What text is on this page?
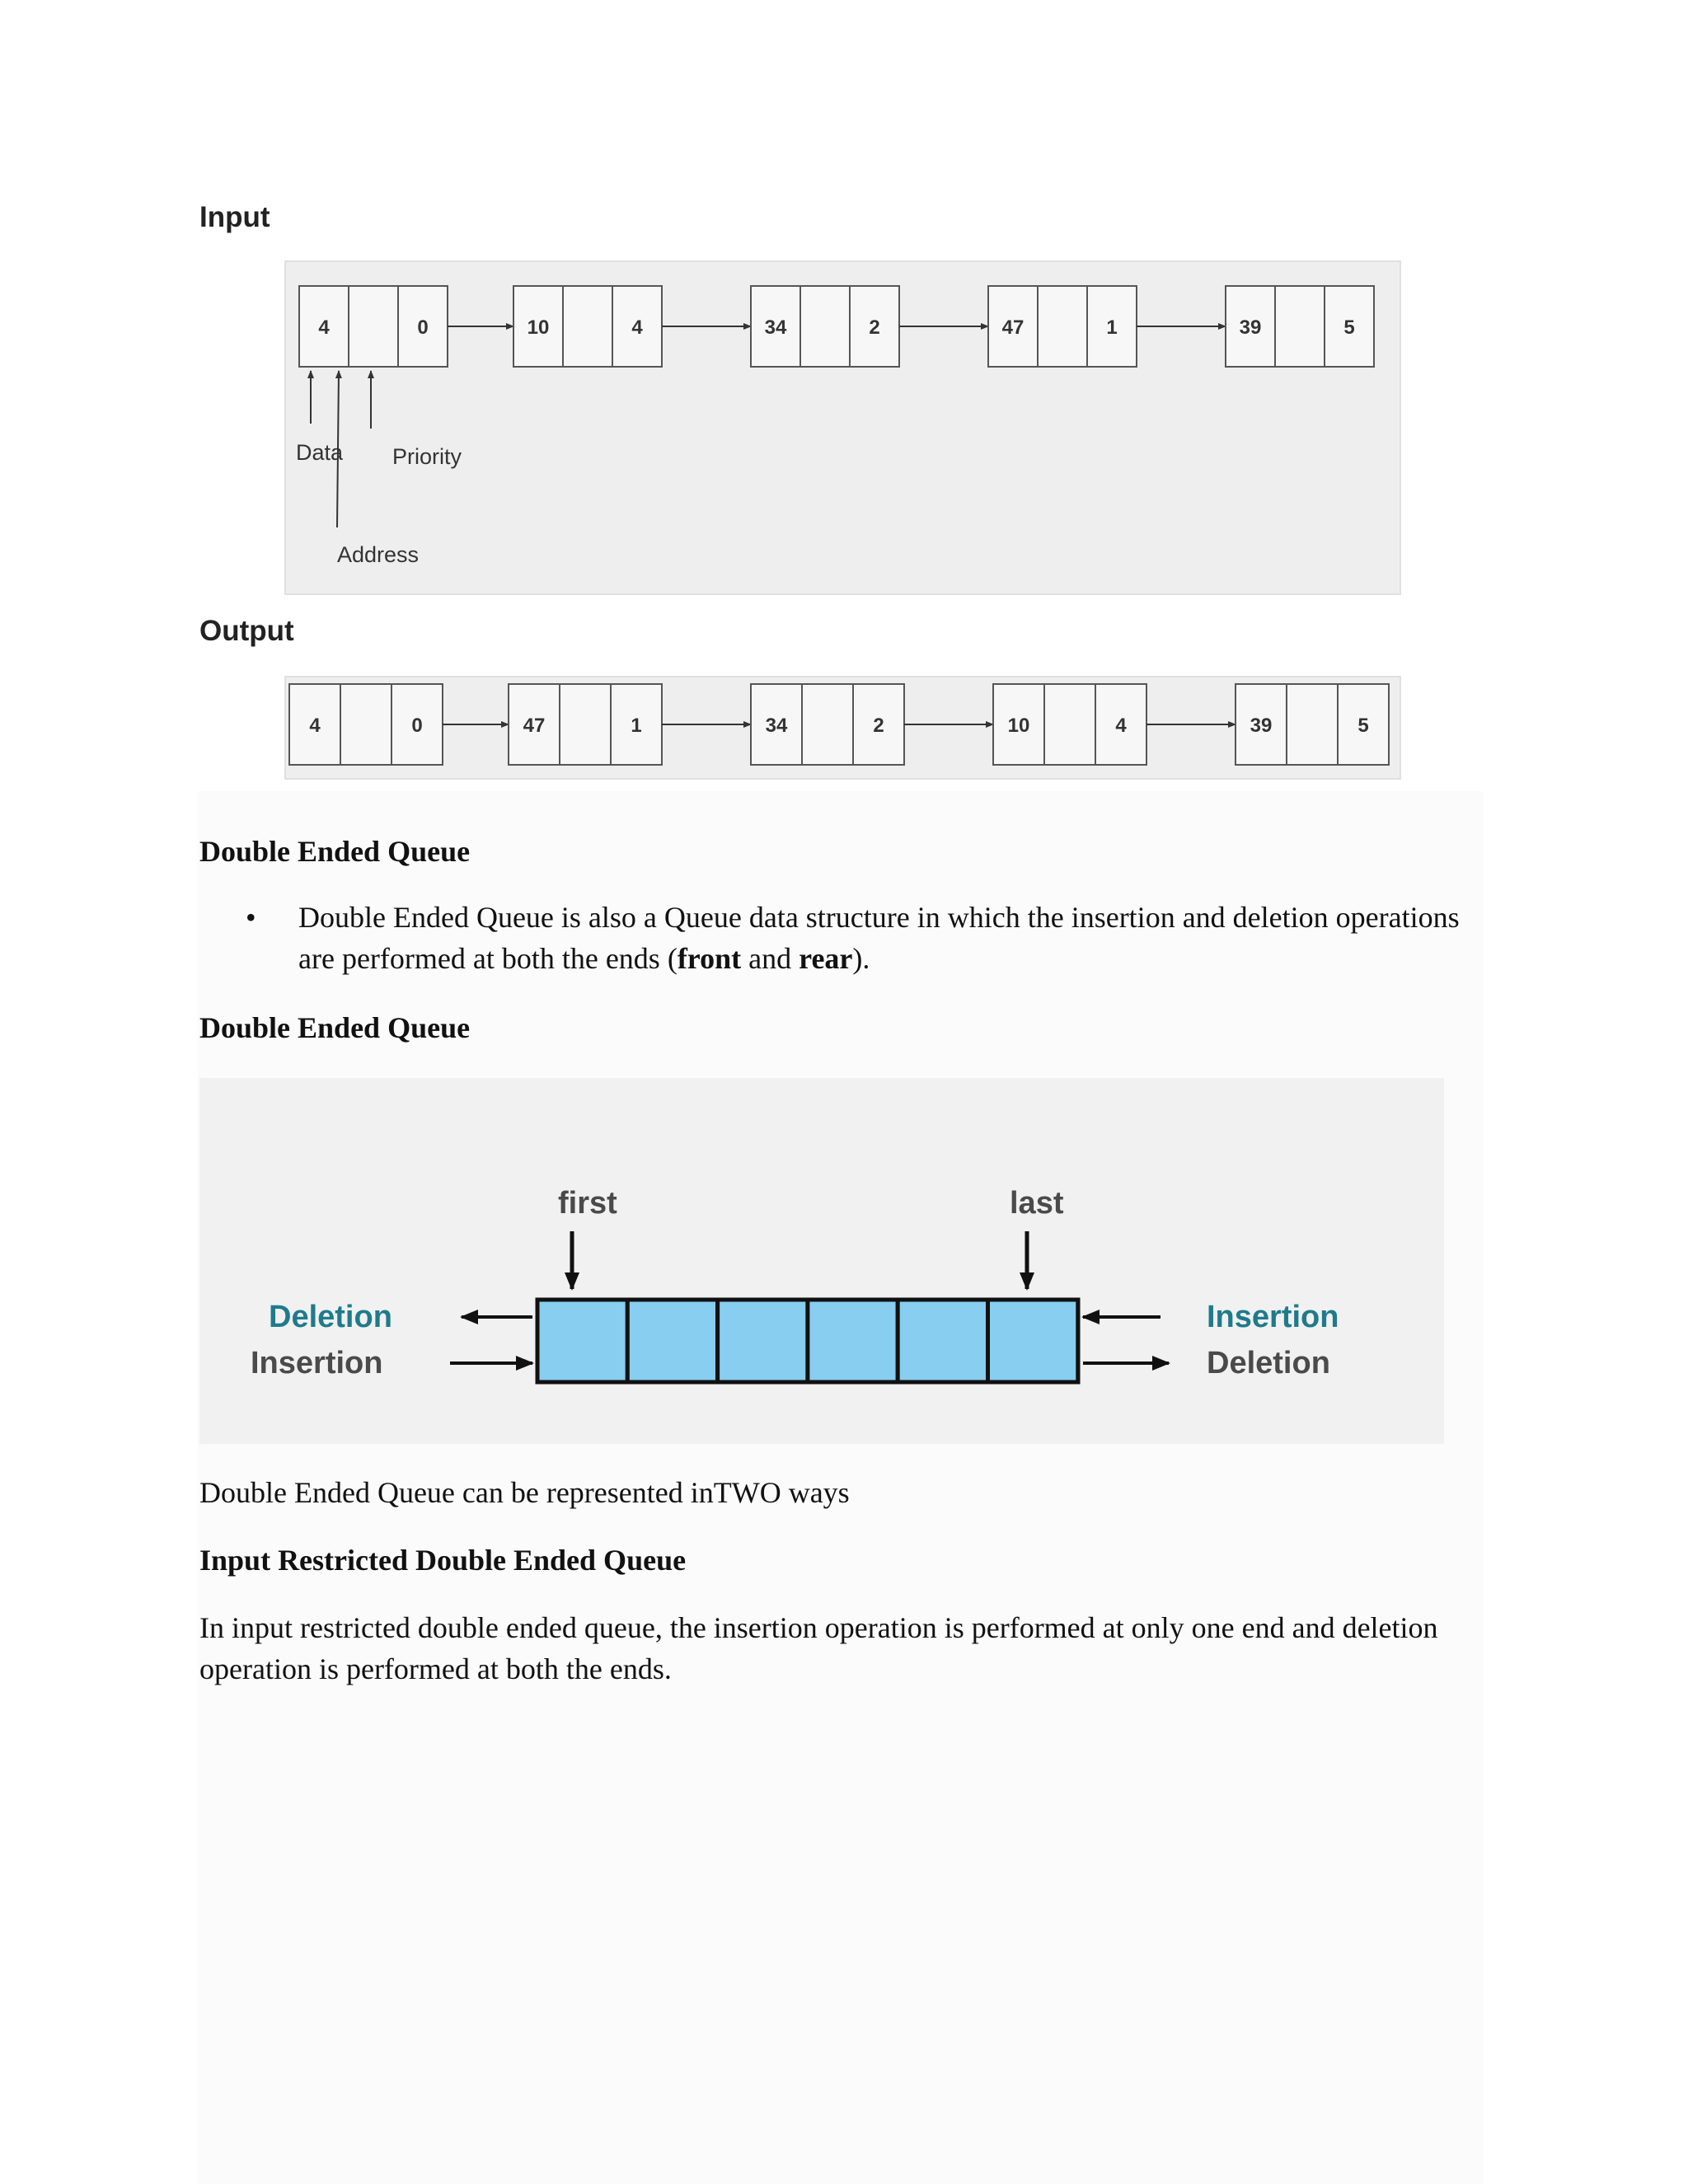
Input
4	0	10	4	34	2	47	1	39	5
Data Priority
Address
Output
4	0	47	1	34	2	10	4	39	5
Double Ended Queue
• Double Ended Queue is also a Queue data structure in which the insertion and deletion operations are performed at both the ends (front and rear).
Double Ended Queue
first	last
Deletion
Insertion
Insertion
Deletion

Double Ended Queue can be represented inTWO ways

Input Restricted Double Ended Queue

In input restricted double ended queue, the insertion operation is performed at only one end and deletion operation is performed at both the ends.
